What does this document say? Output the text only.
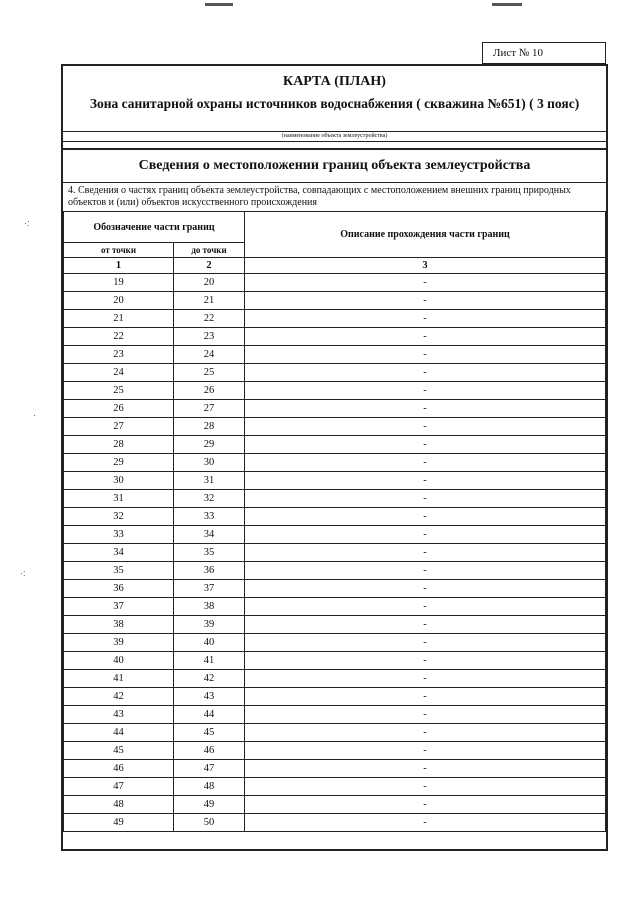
·:
·
·:
Лист № 10
КАРТА (ПЛАН)
Зона санитарной охраны источников водоснабжения ( скважина №651) ( 3 пояс)
(наименование объекта землеустройства)
Сведения о местоположении границ объекта землеустройства
4. Сведения о частях границ объекта землеустройства, совпадающих с местоположением внешних границ природных объектов и (или) объектов искусственного происхождения
Обозначение части границ		Описание прохождения части границ
от точки	до точки	
1	2	3
19	20	-
20	21	-
21	22	-
22	23	-
23	24	-
24	25	-
25	26	-
26	27	-
27	28	-
28	29	-
29	30	-
30	31	-
31	32	-
32	33	-
33	34	-
34	35	-
35	36	-
36	37	-
37	38	-
38	39	-
39	40	-
40	41	-
41	42	-
42	43	-
43	44	-
44	45	-
45	46	-
46	47	-
47	48	-
48	49	-
49	50	-
